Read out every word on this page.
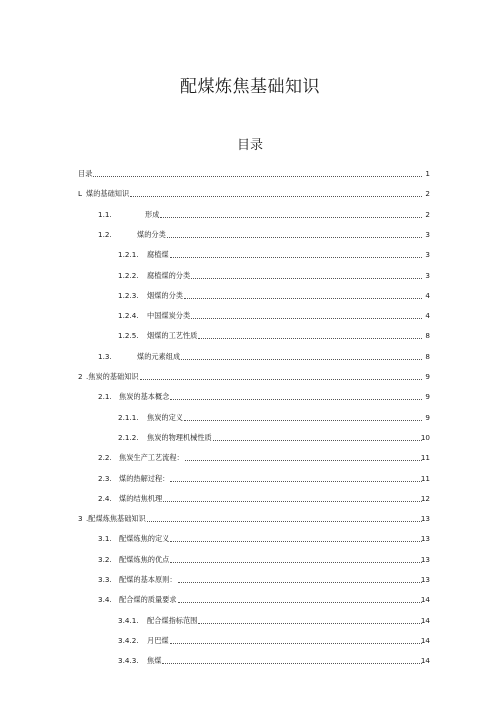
配煤炼焦基础知识
目录
目录	1
L 煤的基础知识	2
1.1.	形成	2
1.2.	煤的分类	3
1.2.1. 腐植煤	3
1.2.2. 腐植煤的分类	3
1.2.3. 烟煤的分类	4
1.2.4. 中国煤炭分类	4
1.2.5. 烟煤的工艺性质	8
1.3.	煤的元素组成	8
2 .焦炭的基础知识	9
2.1. 焦炭的基本概念	9
2.1.1. 焦炭的定义	9
2.1.2. 焦炭的物理机械性质	10
2.2. 焦炭生产工艺流程：	11
2.3. 煤的热解过程：	11
2.4. 煤的结焦机理	12
3 .配煤炼焦基础知识	13
3.1. 配煤炼焦的定义	13
3.2. 配煤炼焦的优点	13
3.3. 配煤的基本原则：	13
3.4. 配合煤的质量要求	14
3.4.1. 配合煤指标范围	14
3.4.2. 月巴煤	14
3.4.3. 焦煤	14
